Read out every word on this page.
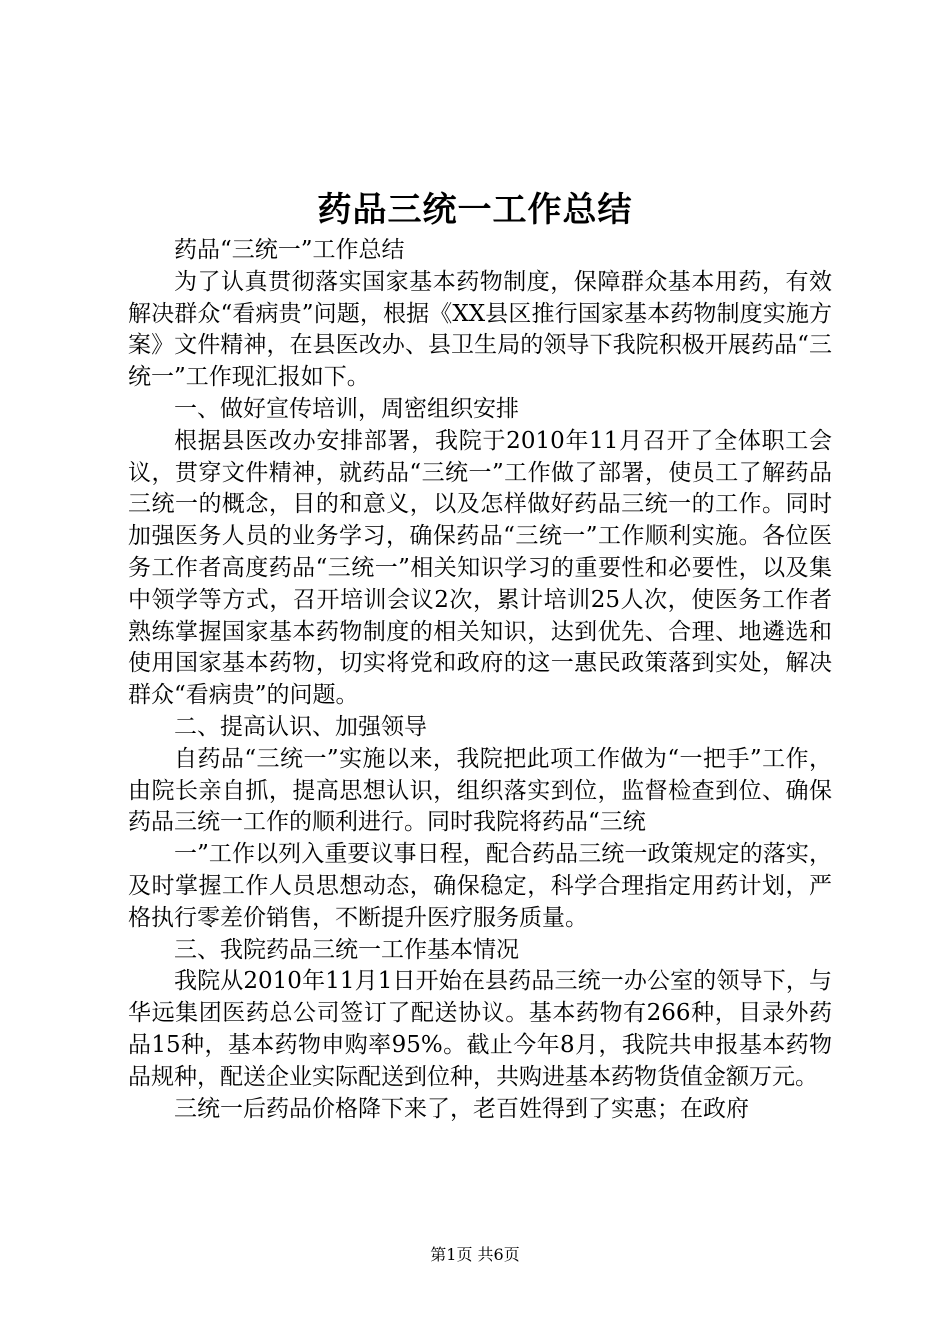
药品三统一工作总结

药品“三统一”工作总结

为了认真贯彻落实国家基本药物制度，保障群众基本用药，有效解决群众“看病贵”问题，根据《XX县区推行国家基本药物制度实施方案》文件精神，在县医改办、县卫生局的领导下我院积极开展药品“三统一”工作现汇报如下。

一、做好宣传培训，周密组织安排

根据县医改办安排部署，我院于2010年11月召开了全体职工会议，贯穿文件精神，就药品“三统一”工作做了部署，使员工了解药品三统一的概念，目的和意义，以及怎样做好药品三统一的工作。同时加强医务人员的业务学习，确保药品“三统一”工作顺利实施。各位医务工作者高度药品“三统一”相关知识学习的重要性和必要性，以及集中领学等方式，召开培训会议2次，累计培训25人次，使医务工作者熟练掌握国家基本药物制度的相关知识，达到优先、合理、地遴选和使用国家基本药物，切实将党和政府的这一惠民政策落到实处，解决群众“看病贵”的问题。

二、提高认识、加强领导

自药品“三统一”实施以来，我院把此项工作做为“一把手”工作，由院长亲自抓，提高思想认识，组织落实到位，监督检查到位、确保药品三统一工作的顺利进行。同时我院将药品“三统

一”工作以列入重要议事日程，配合药品三统一政策规定的落实，及时掌握工作人员思想动态，确保稳定，科学合理指定用药计划，严格执行零差价销售，不断提升医疗服务质量。

三、我院药品三统一工作基本情况

我院从2010年11月1日开始在县药品三统一办公室的领导下，与华远集团医药总公司签订了配送协议。基本药物有266种，目录外药品15种，基本药物申购率95%。截止今年8月，我院共申报基本药物品规种，配送企业实际配送到位种，共购进基本药物货值金额万元。

三统一后药品价格降下来了，老百姓得到了实惠；在政府

第1页 共6页
